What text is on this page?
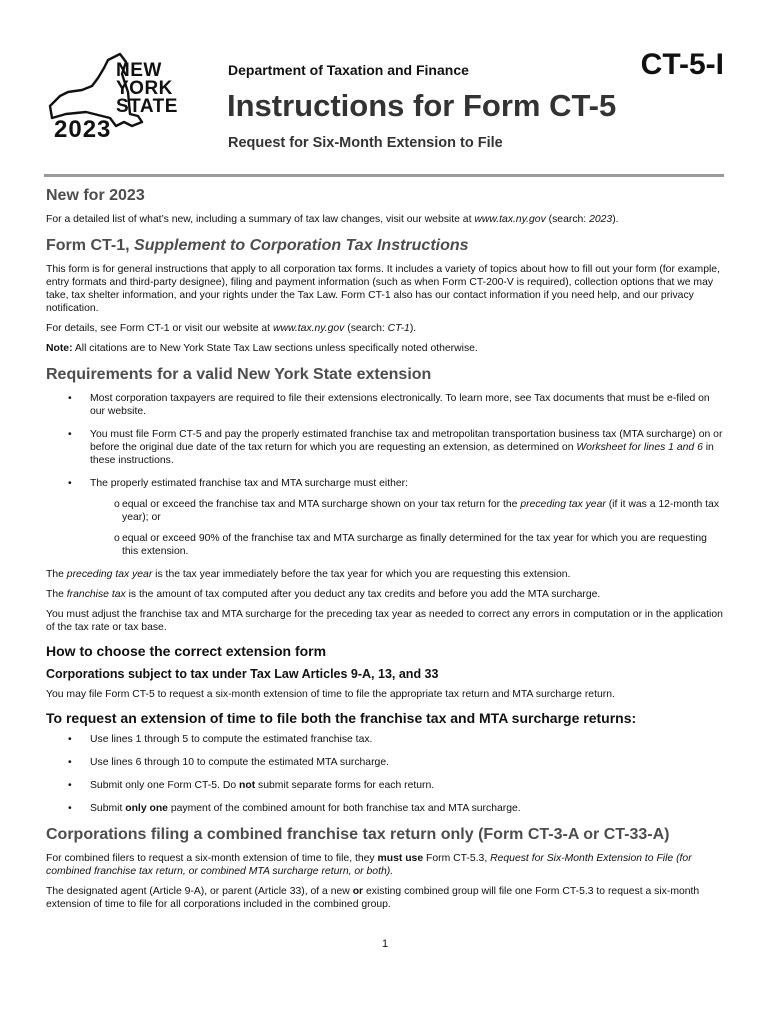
NEW
YORK
STATE
2023
Department of Taxation and Finance	CT-5-I
Instructions for Form CT-5
Request for Six-Month Extension to File
New for 2023

For a detailed list of what’s new, including a summary of tax law changes, visit our website at www.tax.ny.gov (search: 2023).

Form CT-1, Supplement to Corporation Tax Instructions

This form is for general instructions that apply to all corporation tax forms. It includes a variety of topics about how to fill out your form (for example, entry formats and third-party designee), filing and payment information (such as when Form CT-200-V is required), collection options that we may take, tax shelter information, and your rights under the Tax Law. Form CT-1 also has our contact information if you need help, and our privacy notification.

For details, see Form CT-1 or visit our website at www.tax.ny.gov (search: CT-1).

Note: All citations are to New York State Tax Law sections unless specifically noted otherwise.

Requirements for a valid New York State extension
• Most corporation taxpayers are required to file their extensions electronically. To learn more, see Tax documents that must be e-filed on our website.
• You must file Form CT-5 and pay the properly estimated franchise tax and metropolitan transportation business tax (MTA surcharge) on or before the original due date of the tax return for which you are requesting an extension, as determined on Worksheet for lines 1 and 6 in these instructions.
• The properly estimated franchise tax and MTA surcharge must either:
o equal or exceed the franchise tax and MTA surcharge shown on your tax return for the preceding tax year (if it was a 12-month tax year); or
o equal or exceed 90% of the franchise tax and MTA surcharge as finally determined for the tax year for which you are requesting this extension.

The preceding tax year is the tax year immediately before the tax year for which you are requesting this extension.

The franchise tax is the amount of tax computed after you deduct any tax credits and before you add the MTA surcharge.

You must adjust the franchise tax and MTA surcharge for the preceding tax year as needed to correct any errors in computation or in the application of the tax rate or tax base.

How to choose the correct extension form
Corporations subject to tax under Tax Law Articles 9-A, 13, and 33

You may file Form CT-5 to request a six-month extension of time to file the appropriate tax return and MTA surcharge return.

To request an extension of time to file both the franchise tax and MTA surcharge returns:
• Use lines 1 through 5 to compute the estimated franchise tax.
• Use lines 6 through 10 to compute the estimated MTA surcharge.
• Submit only one Form CT-5. Do not submit separate forms for each return.
• Submit only one payment of the combined amount for both franchise tax and MTA surcharge.
Corporations filing a combined franchise tax return only (Form CT-3-A or CT-33-A)

For combined filers to request a six-month extension of time to file, they must use Form CT-5.3, Request for Six-Month Extension to File (for combined franchise tax return, or combined MTA surcharge return, or both).

The designated agent (Article 9-A), or parent (Article 33), of a new or existing combined group will file one Form CT-5.3 to request a six-month extension of time to file for all corporations included in the combined group.

1
